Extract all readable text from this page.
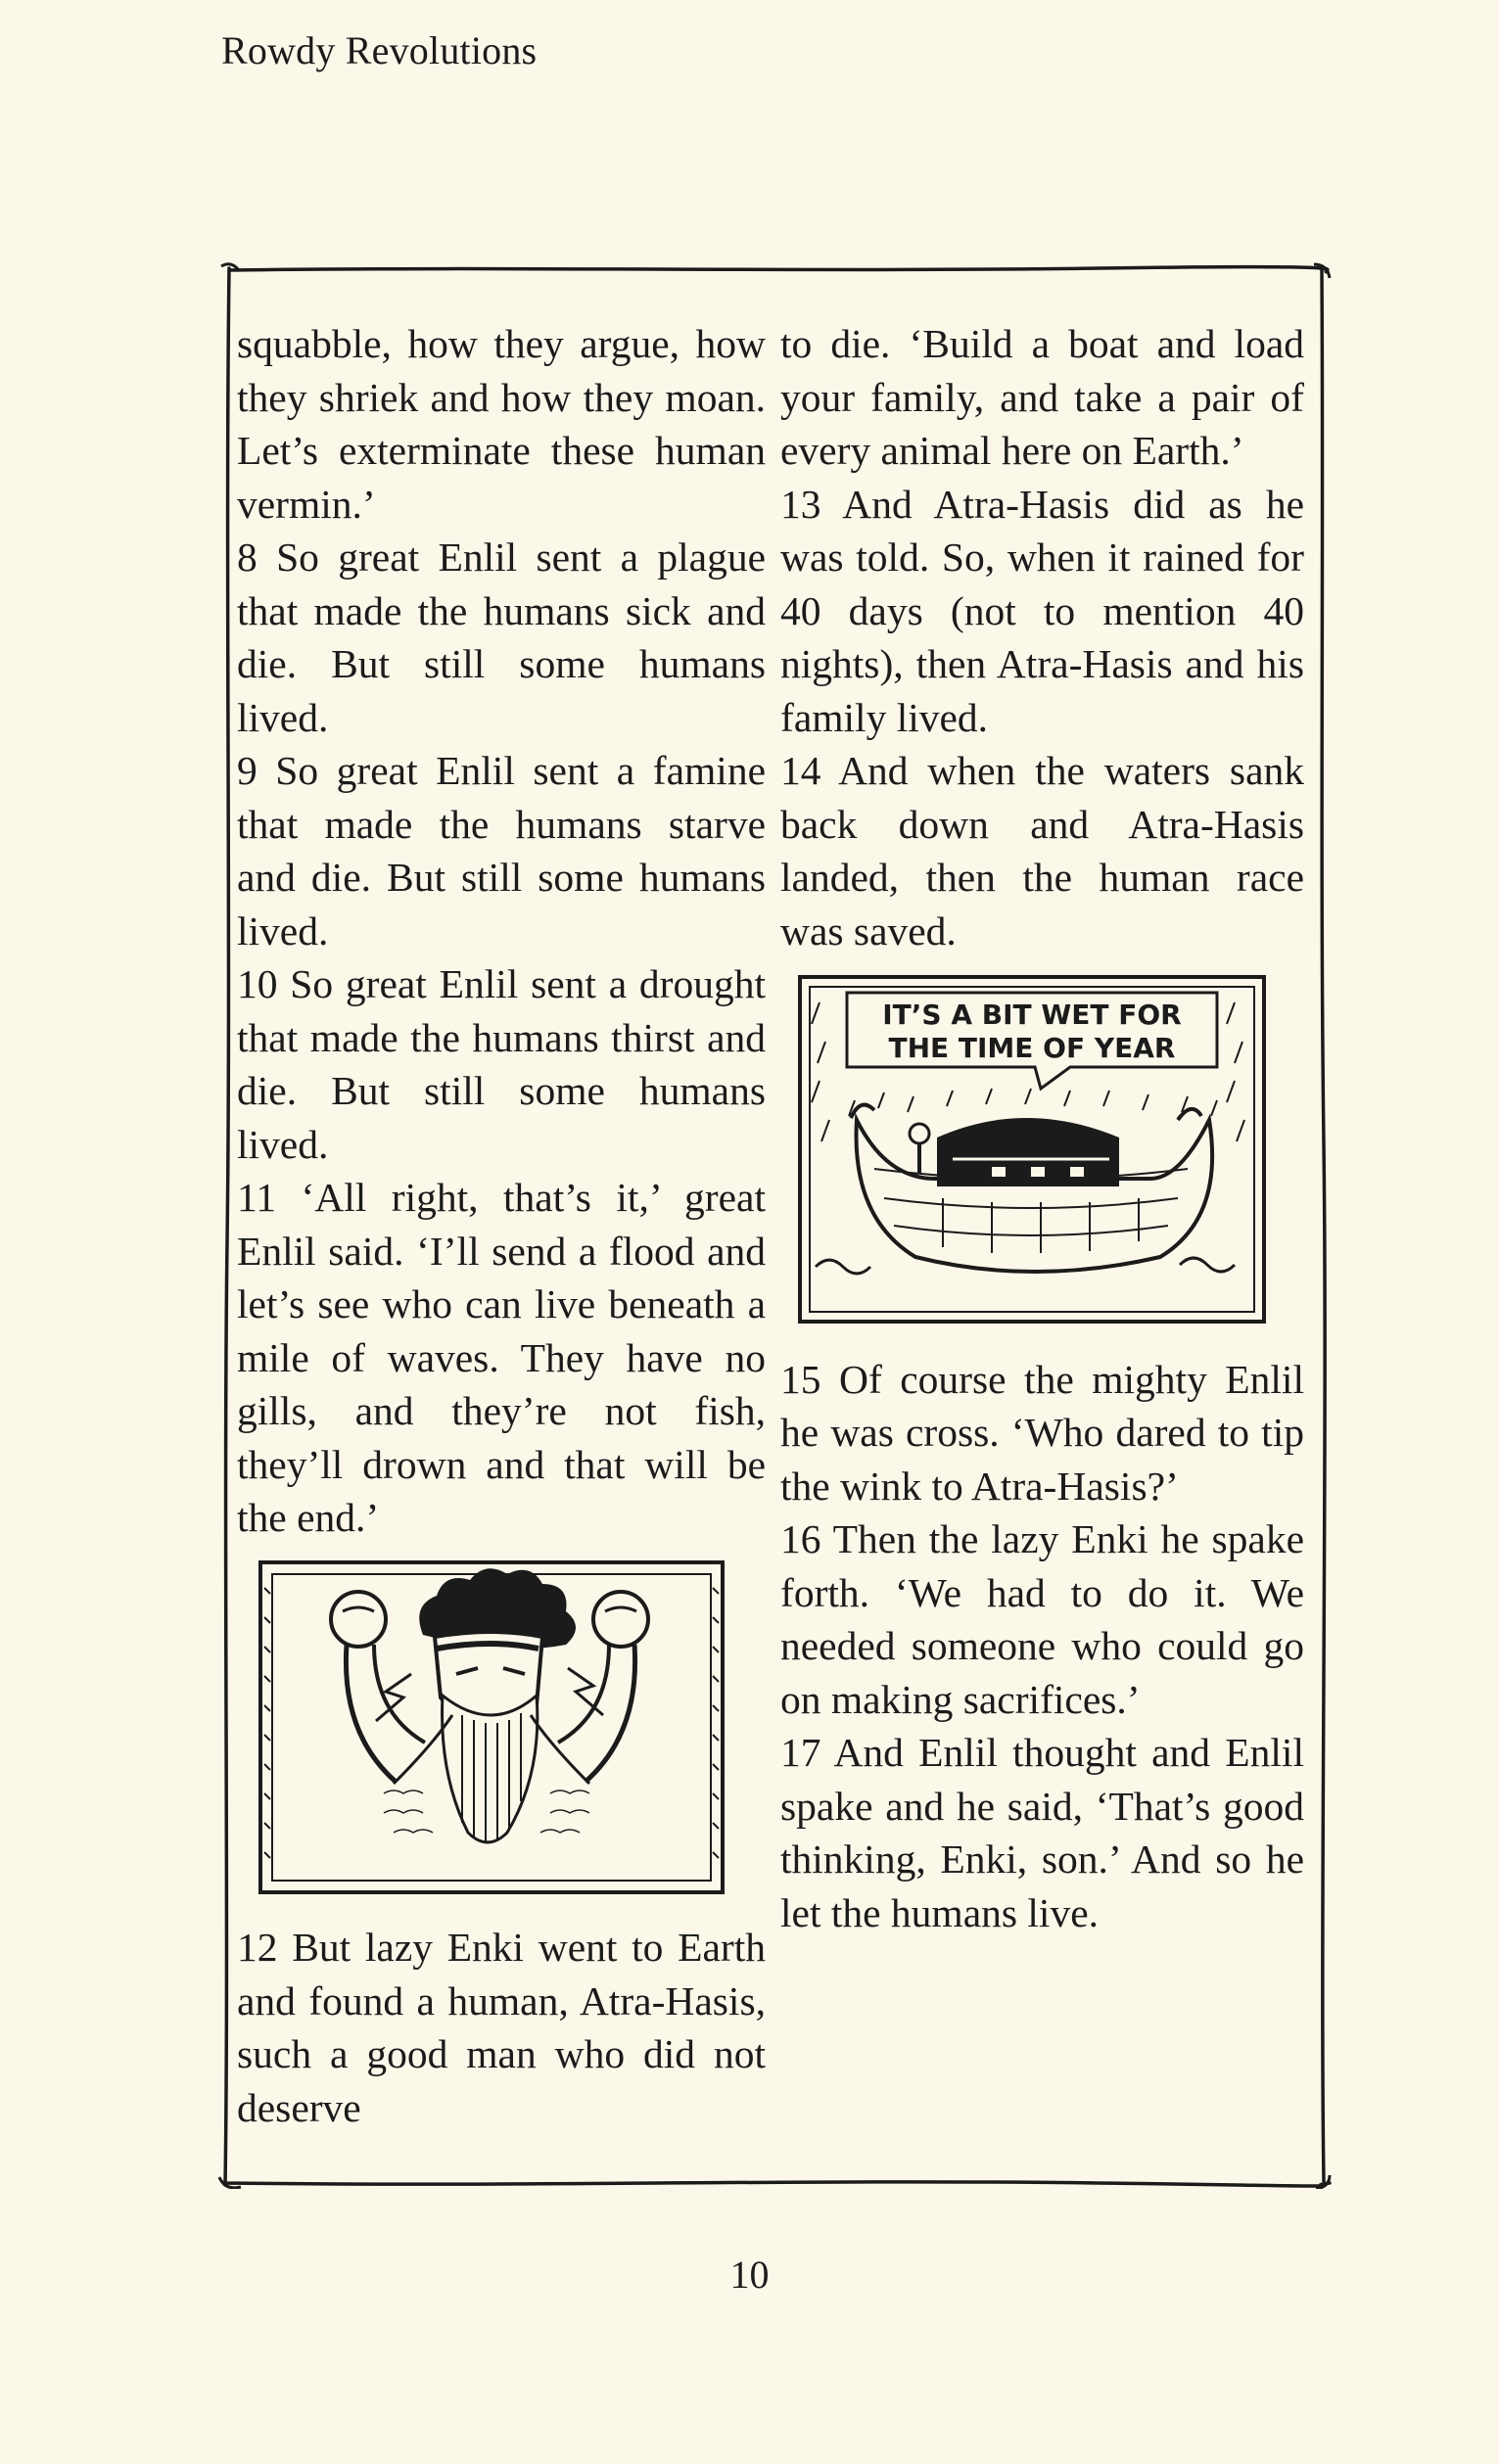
Rowdy Revolutions

squabble, how they argue, how they shriek and how they moan. Let’s exterminate these human vermin.’

8 So great Enlil sent a plague that made the humans sick and die. But still some humans lived.

9 So great Enlil sent a famine that made the humans starve and die. But still some humans lived.

10 So great Enlil sent a drought that made the humans thirst and die. But still some humans lived.

11 ‘All right, that’s it,’ great Enlil said. ‘I’ll send a flood and let’s see who can live beneath a mile of waves. They have no gills, and they’re not fish, they’ll drown and that will be the end.’

12 But lazy Enki went to Earth and found a human, Atra-Hasis, such a good man who did not deserve

to die. ‘Build a boat and load your family, and take a pair of every animal here on Earth.’

13 And Atra-Hasis did as he was told. So, when it rained for 40 days (not to mention 40 nights), then Atra-Hasis and his family lived.

14 And when the waters sank back down and Atra-Hasis landed, then the human race was saved.

IT’S A BIT WET FOR
THE TIME OF YEAR

15 Of course the mighty Enlil he was cross. ‘Who dared to tip the wink to Atra-Hasis?’

16 Then the lazy Enki he spake forth. ‘We had to do it. We needed someone who could go on making sacrifices.’

17 And Enlil thought and Enlil spake and he said, ‘That’s good thinking, Enki, son.’ And so he let the humans live.

10
